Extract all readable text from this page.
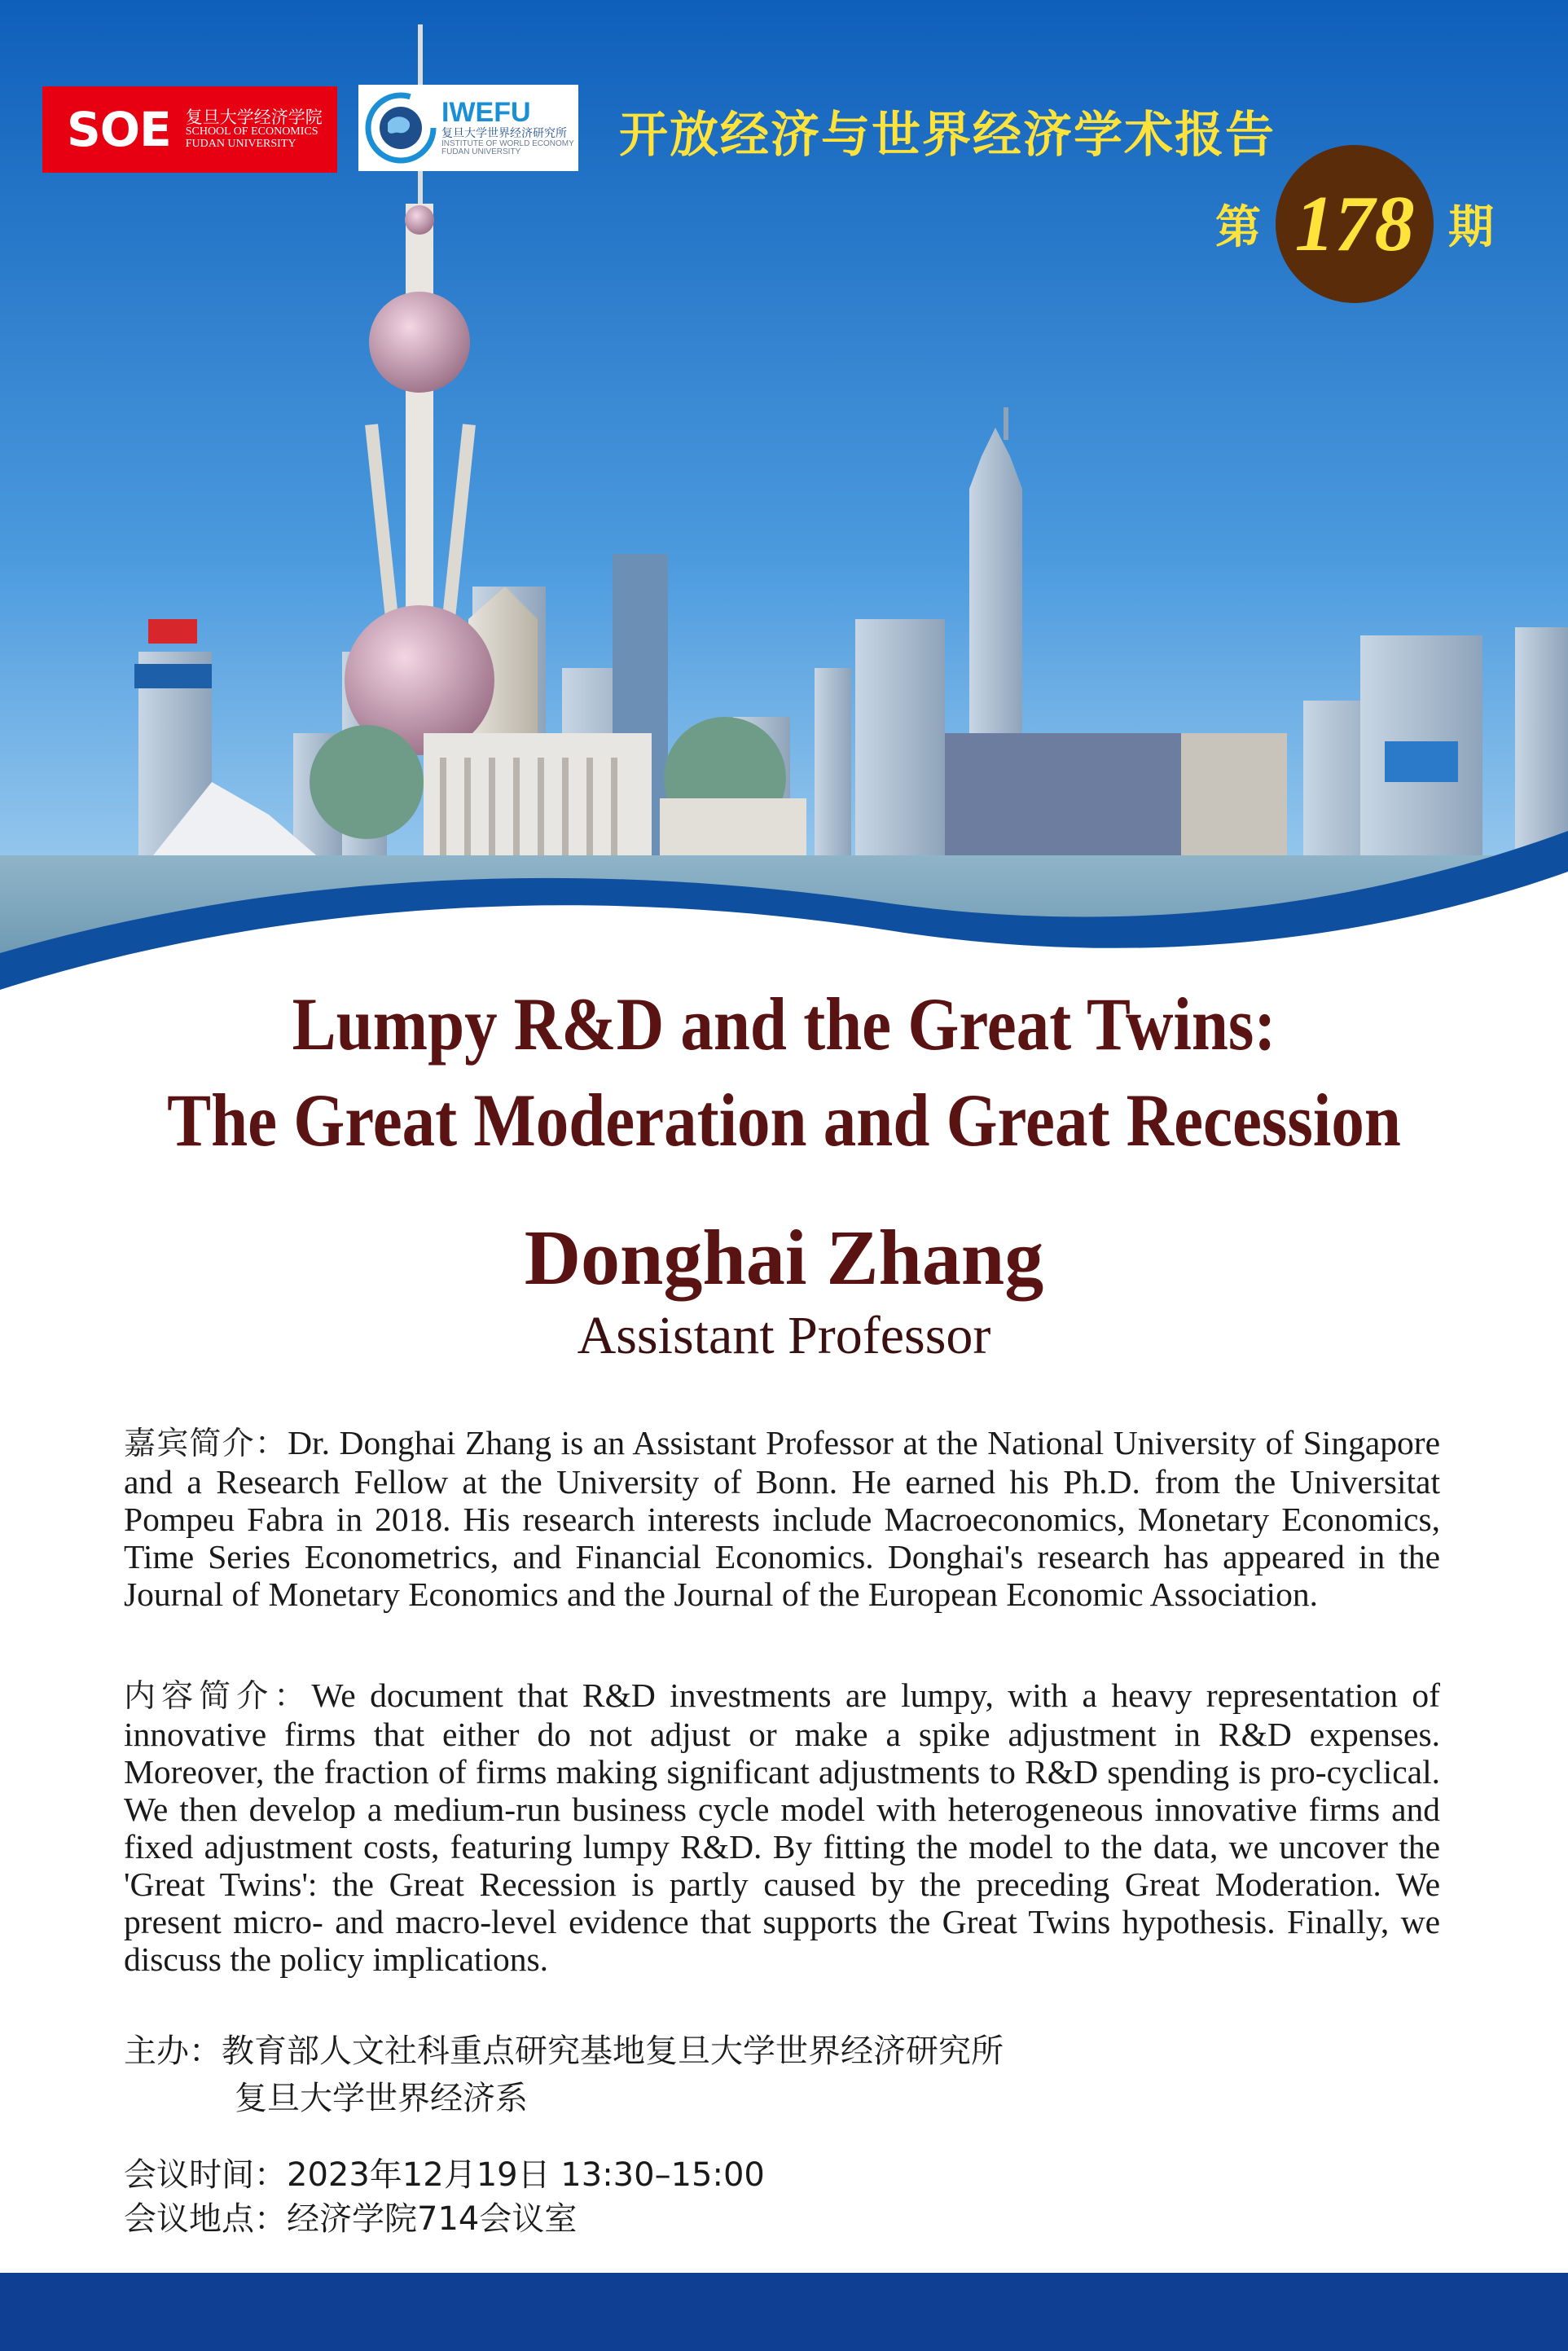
SOE 复旦大学经济学院
SCHOOL OF ECONOMICS
FUDAN UNIVERSITY
IWEFU
复旦大学世界经济研究所
INSTITUTE OF WORLD ECONOMY
FUDAN UNIVERSITY	开放经济与世界经济学术报告
第 178 期
Lumpy R&D and the Great Twins:
The Great Moderation and Great Recession
Donghai Zhang
Assistant Professor
嘉宾简介：Dr. Donghai Zhang is an Assistant Professor at the National University of Singapore and a Research Fellow at the University of Bonn. He earned his Ph.D. from the Universitat Pompeu Fabra in 2018. His research interests include Macroeconomics, Monetary Economics, Time Series Econometrics, and Financial Economics. Donghai's research has appeared in the Journal of Monetary Economics and the Journal of the European Economic Association.
内容简介：We document that R&D investments are lumpy, with a heavy representation of innovative firms that either do not adjust or make a spike adjustment in R&D expenses. Moreover, the fraction of firms making significant adjustments to R&D spending is pro-cyclical. We then develop a medium-run business cycle model with heterogeneous innovative firms and fixed adjustment costs, featuring lumpy R&D. By fitting the model to the data, we uncover the 'Great Twins': the Great Recession is partly caused by the preceding Great Moderation. We present micro- and macro-level evidence that supports the Great Twins hypothesis. Finally, we discuss the policy implications.
主办：教育部人文社科重点研究基地复旦大学世界经济研究所
复旦大学世界经济系
会议时间：2023年12月19日 13:30–15:00
会议地点：经济学院714会议室
